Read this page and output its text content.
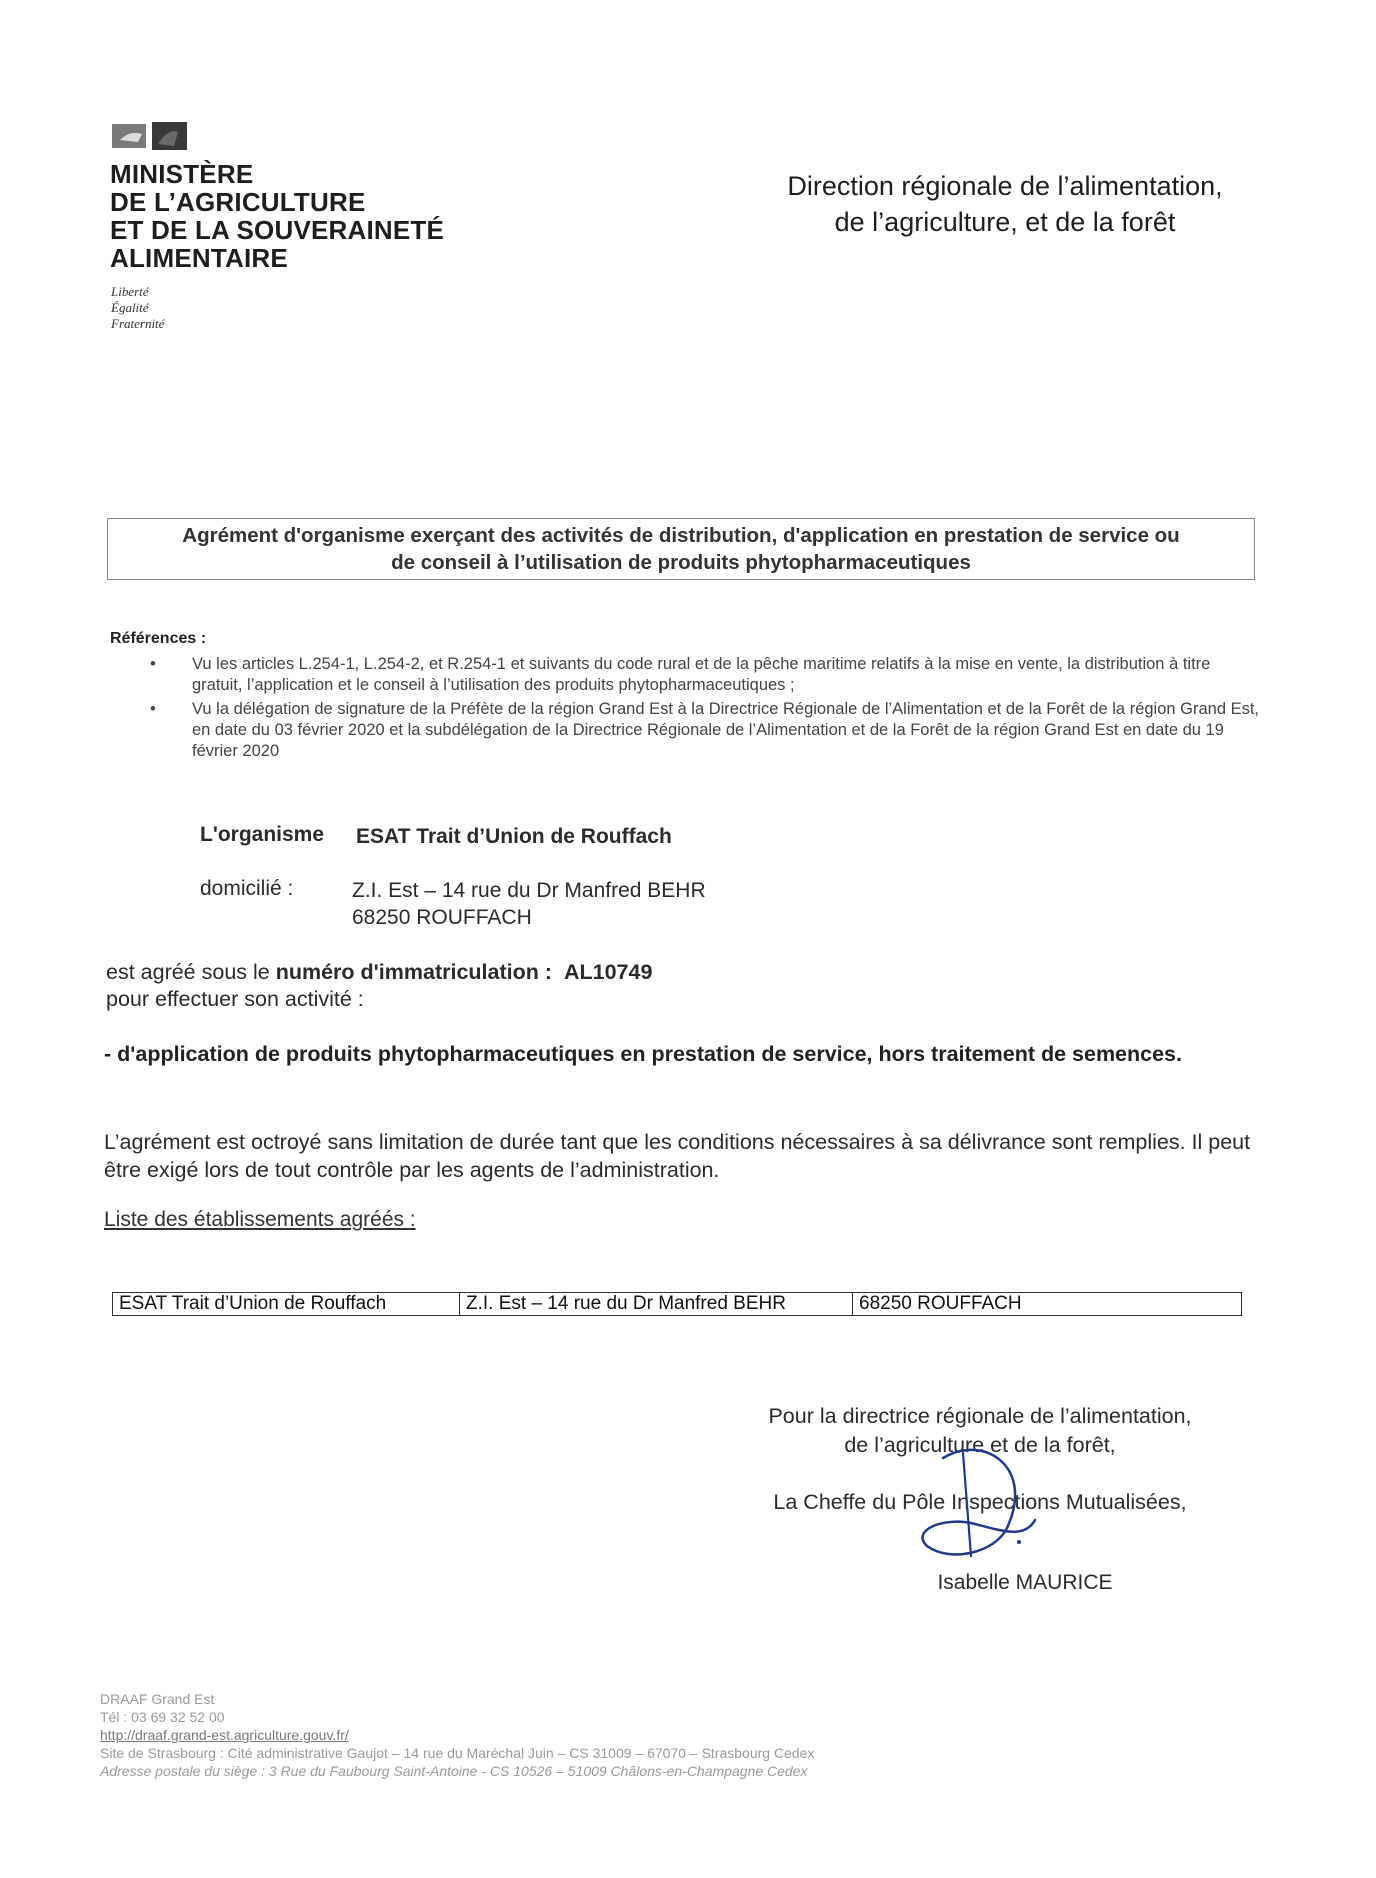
MINISTÈRE
DE L’AGRICULTURE
ET DE LA SOUVERAINETÉ
ALIMENTAIRE
Liberté
Égalité
Fraternité
Direction régionale de l’alimentation,
de l’agriculture, et de la forêt
Agrément d'organisme exerçant des activités de distribution, d'application en prestation de service ou
de conseil à l’utilisation de produits phytopharmaceutiques
Références :
• Vu les articles L.254-1, L.254-2, et R.254-1 et suivants du code rural et de la pêche maritime relatifs à la mise en vente, la distribution à titre gratuit, l’application et le conseil à l’utilisation des produits phytopharmaceutiques ;
• Vu la délégation de signature de la Préfète de la région Grand Est à la Directrice Régionale de l’Alimentation et de la Forêt de la région Grand Est, en date du 03 février 2020 et la subdélégation de la Directrice Régionale de l’Alimentation et de la Forêt de la région Grand Est en date du 19 février 2020
L'organisme ESAT Trait d’Union de Rouffach
domicilié :	Z.I. Est – 14 rue du Dr Manfred BEHR
68250 ROUFFACH
est agréé sous le numéro d'immatriculation : AL10749
pour effectuer son activité :
- d'application de produits phytopharmaceutiques en prestation de service, hors traitement de semences.
L’agrément est octroyé sans limitation de durée tant que les conditions nécessaires à sa délivrance sont remplies. Il peut être exigé lors de tout contrôle par les agents de l’administration.
Liste des établissements agréés :
ESAT Trait d’Union de Rouffach	Z.I. Est – 14 rue du Dr Manfred BEHR	68250 ROUFFACH
Pour la directrice régionale de l’alimentation,
de l’agriculture et de la forêt,
La Cheffe du Pôle Inspections Mutualisées,
Isabelle MAURICE
DRAAF Grand Est
Tél : 03 69 32 52 00
http://draaf.grand-est.agriculture.gouv.fr/
Site de Strasbourg : Cité administrative Gaujot – 14 rue du Maréchal Juin – CS 31009 – 67070 – Strasbourg Cedex
Adresse postale du siège : 3 Rue du Faubourg Saint-Antoine - CS 10526 – 51009 Châlons-en-Champagne Cedex
